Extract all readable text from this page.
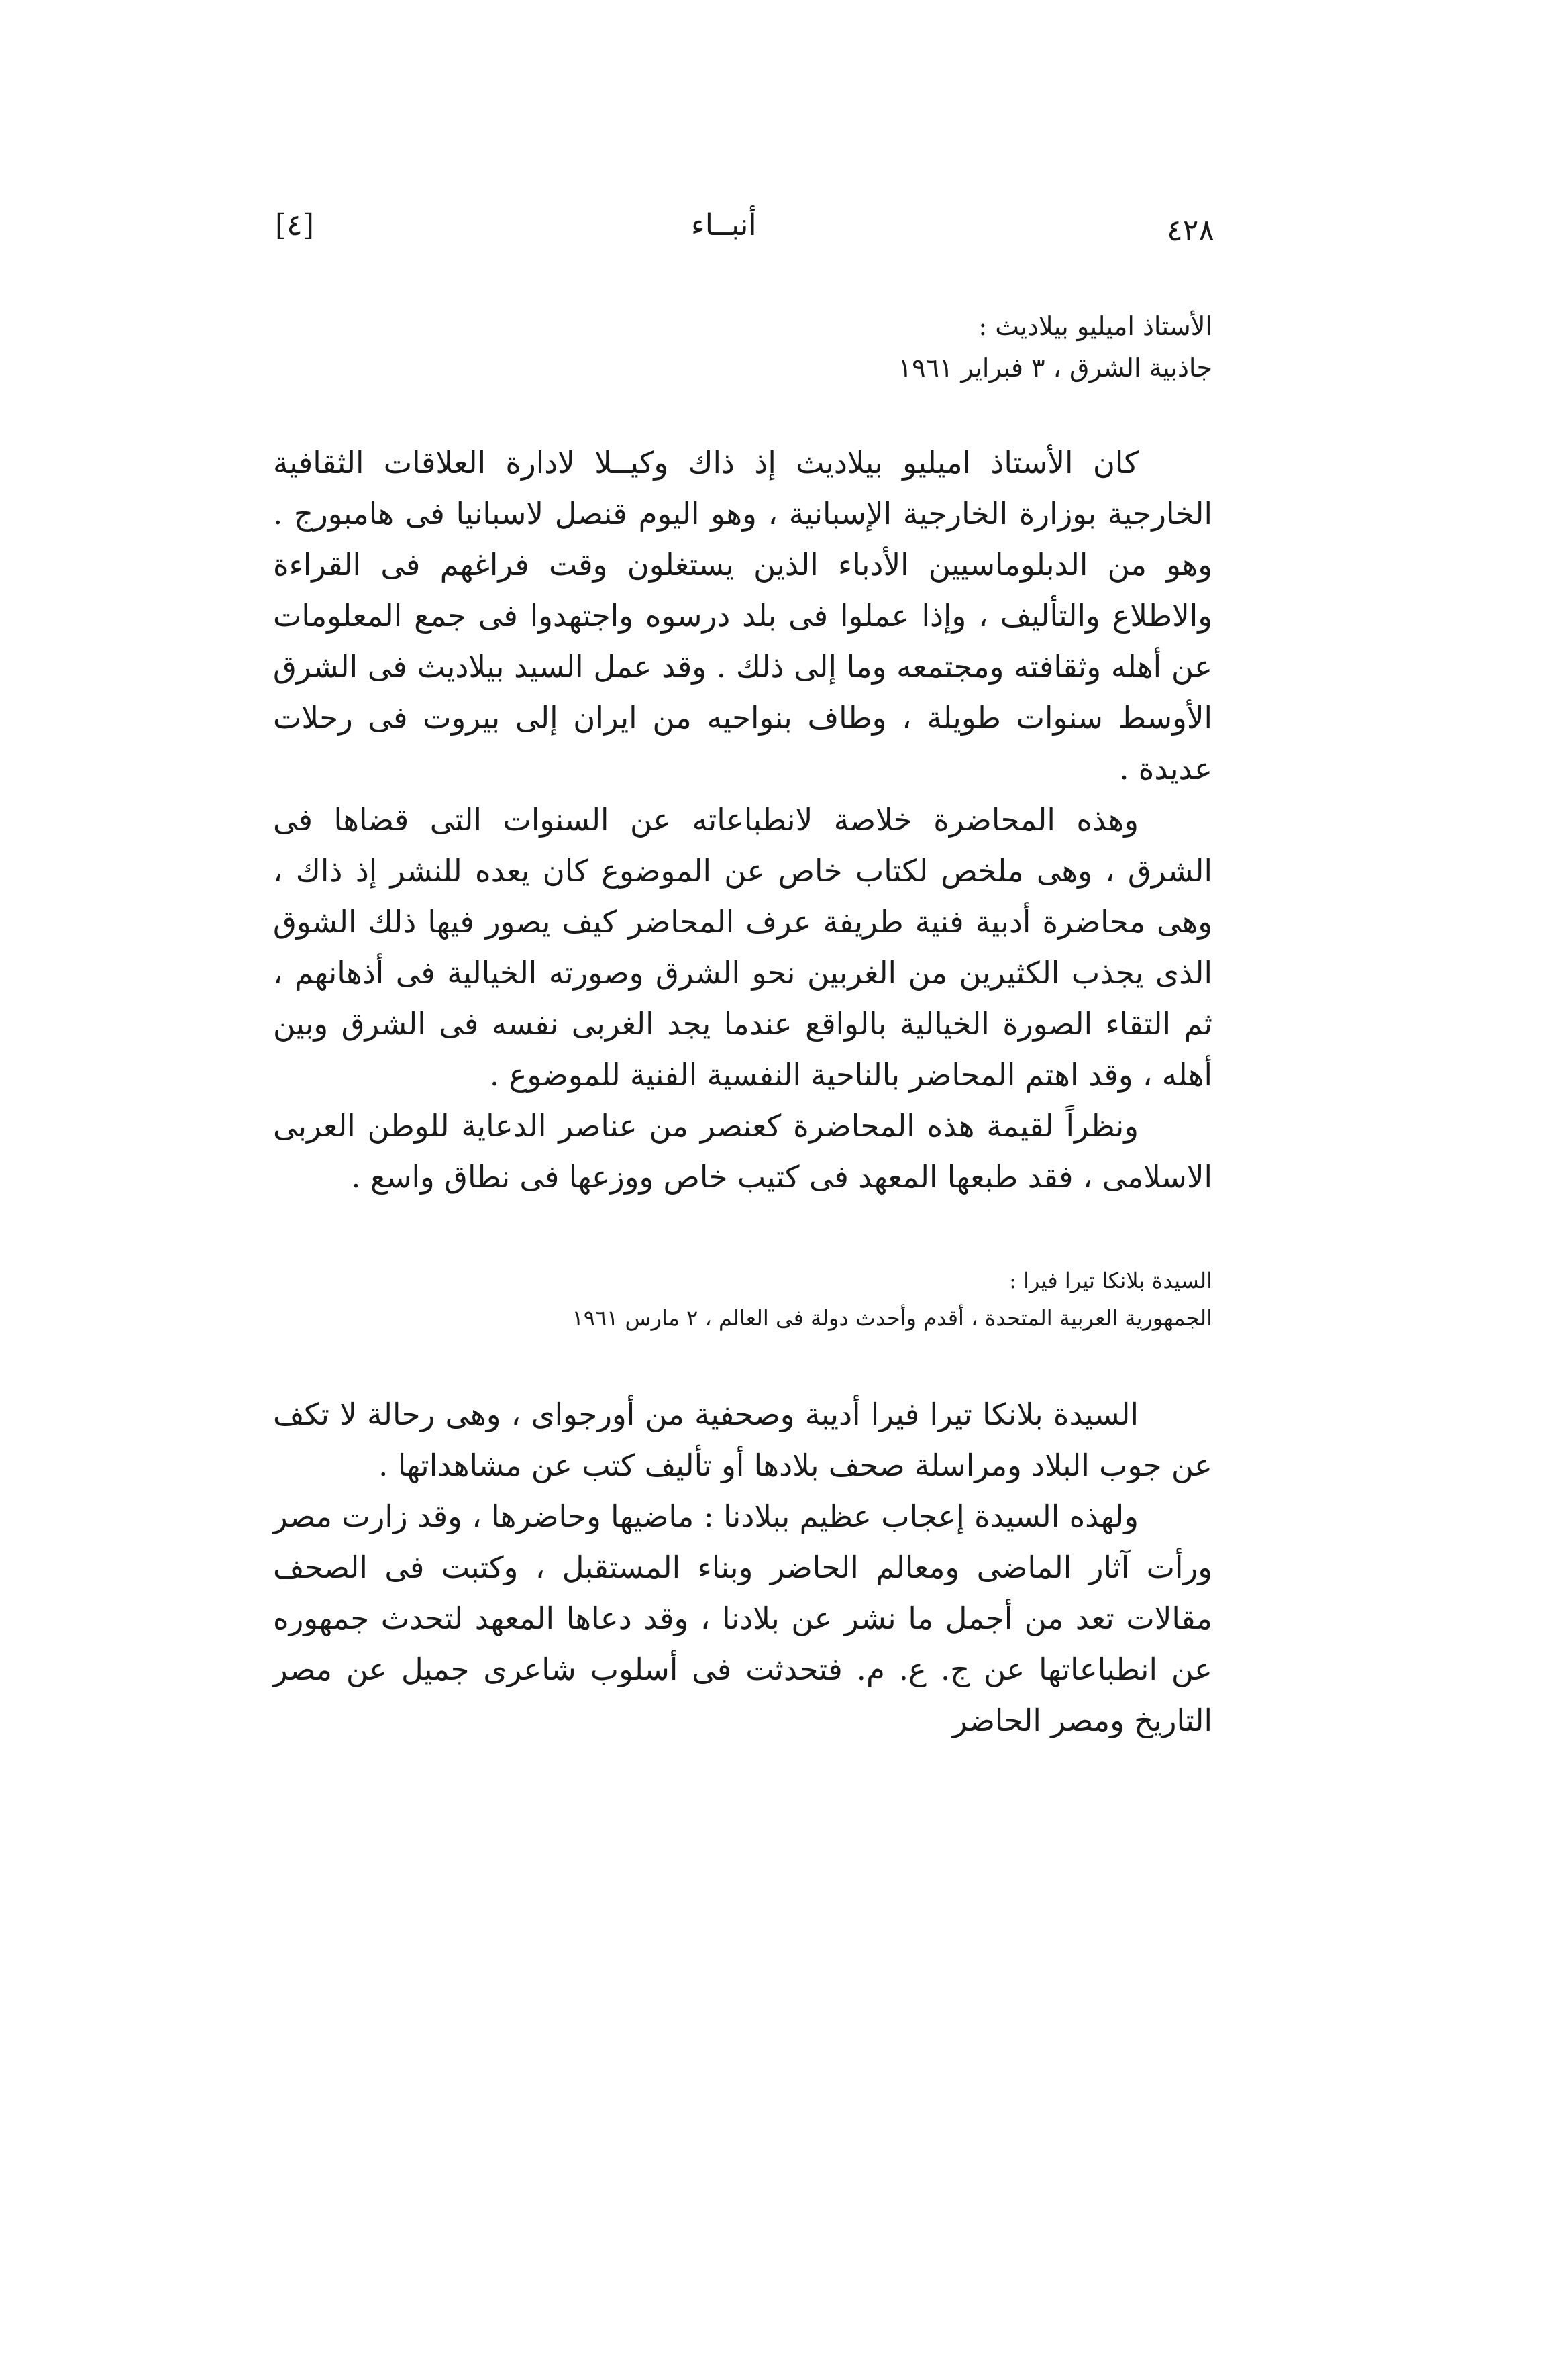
٤٢٨
أنبــاء
[٤]
الأستاذ اميليو بيلاديث :
جاذبية الشرق ، ٣ فبراير ١٩٦١

كان الأستاذ اميليو بيلاديث إذ ذاك وكيــلا لادارة العلاقات الثقافية الخارجية بوزارة الخارجية الإسبانية ، وهو اليوم قنصل لاسبانيا فى هامبورج . وهو من الدبلوماسيين الأدباء الذين يستغلون وقت فراغهم فى القراءة والاطلاع والتأليف ، وإذا عملوا فى بلد درسوه واجتهدوا فى جمع المعلومات عن أهله وثقافته ومجتمعه وما إلى ذلك . وقد عمل السيد بيلاديث فى الشرق الأوسط سنوات طويلة ، وطاف بنواحيه من ايران إلى بيروت فى رحلات عديدة .

وهذه المحاضرة خلاصة لانطباعاته عن السنوات التى قضاها فى الشرق ، وهى ملخص لكتاب خاص عن الموضوع كان يعده للنشر إذ ذاك ، وهى محاضرة أدبية فنية طريفة عرف المحاضر كيف يصور فيها ذلك الشوق الذى يجذب الكثيرين من الغربين نحو الشرق وصورته الخيالية فى أذهانهم ، ثم التقاء الصورة الخيالية بالواقع عندما يجد الغربى نفسه فى الشرق وبين أهله ، وقد اهتم المحاضر بالناحية النفسية الفنية للموضوع .

ونظراً لقيمة هذه المحاضرة كعنصر من عناصر الدعاية للوطن العربى الاسلامى ، فقد طبعها المعهد فى كتيب خاص ووزعها فى نطاق واسع .

السيدة بلانكا تيرا فيرا :
الجمهورية العربية المتحدة ، أقدم وأحدث دولة فى العالم ، ٢ مارس ١٩٦١

السيدة بلانكا تيرا فيرا أديبة وصحفية من أورجواى ، وهى رحالة لا تكف عن جوب البلاد ومراسلة صحف بلادها أو تأليف كتب عن مشاهداتها .

ولهذه السيدة إعجاب عظيم ببلادنا : ماضيها وحاضرها ، وقد زارت مصر ورأت آثار الماضى ومعالم الحاضر وبناء المستقبل ، وكتبت فى الصحف مقالات تعد من أجمل ما نشر عن بلادنا ، وقد دعاها المعهد لتحدث جمهوره عن انطباعاتها عن ج. ع. م. فتحدثت فى أسلوب شاعرى جميل عن مصر التاريخ ومصر الحاضر
